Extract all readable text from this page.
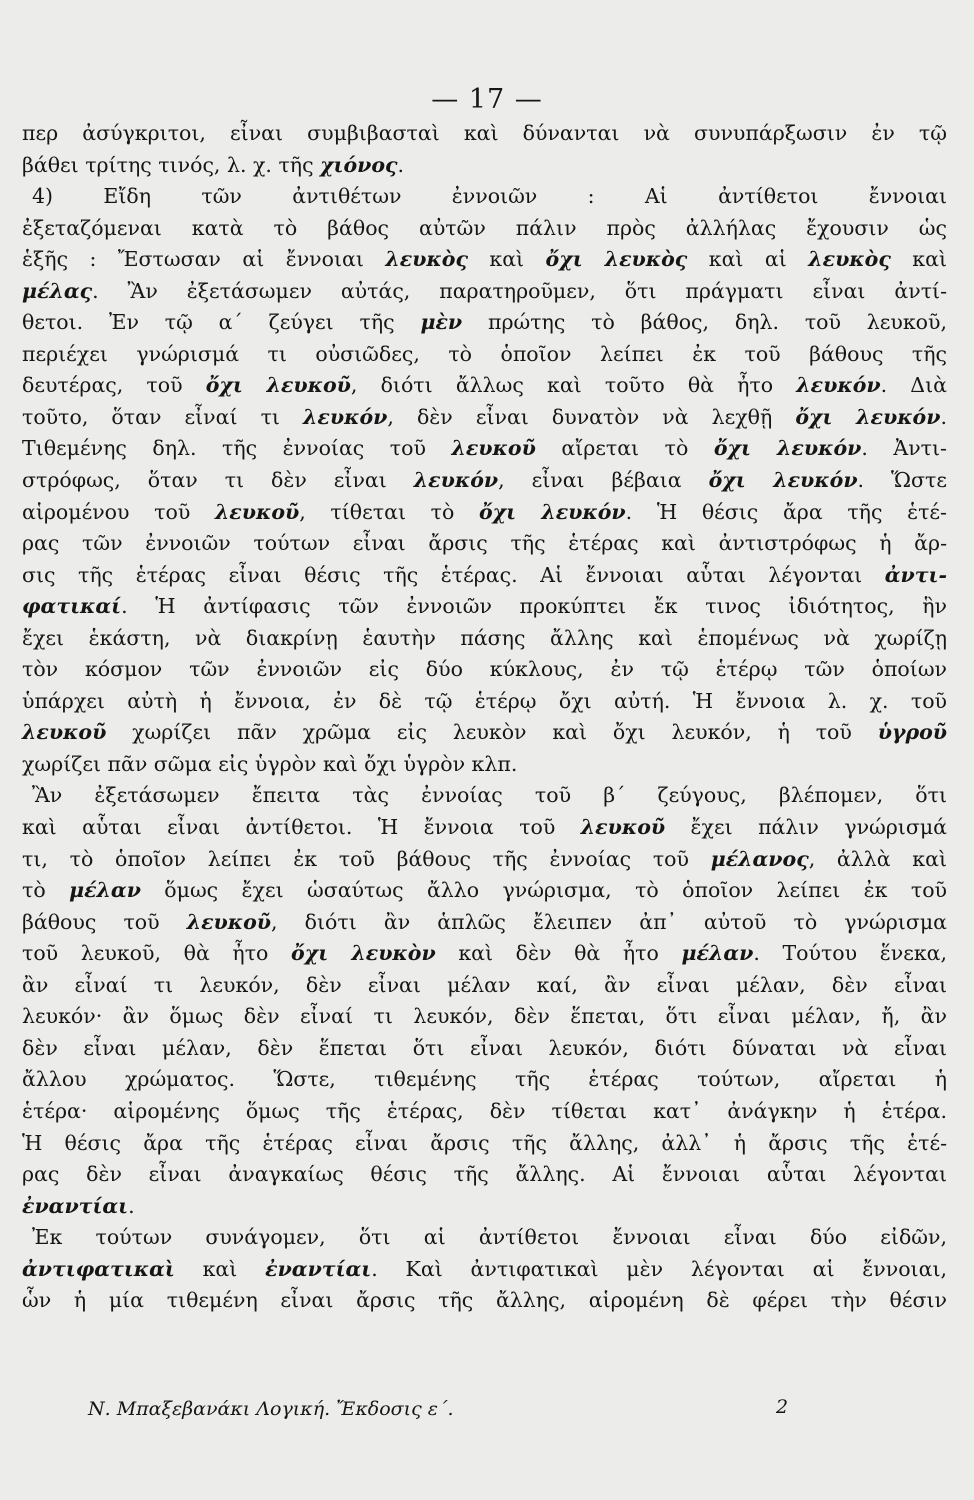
— 17 —
περ ἀσύγκριτοι, εἶναι συμβιβασταὶ καὶ δύνανται νὰ συνυπάρξωσιν ἐν τῷ
βάθει τρίτης τινός, λ. χ. τῆς χιόνος.
4) Εἴδη τῶν ἀντιθέτων ἐννοιῶν : Αἱ ἀντίθετοι ἔννοιαι
ἐξεταζόμεναι κατὰ τὸ βάθος αὐτῶν πάλιν πρὸς ἀλλήλας ἔχουσιν ὡς
ἑξῆς : Ἔστωσαν αἱ ἔννοιαι λευκὸς καὶ ὄχι λευκὸς καὶ αἱ λευκὸς καὶ
μέλας. Ἂν ἐξετάσωμεν αὐτάς, παρατηροῦμεν, ὅτι πράγματι εἶναι ἀντί-
θετοι. Ἐν τῷ α΄ ζεύγει τῆς μὲν πρώτης τὸ βάθος, δηλ. τοῦ λευκοῦ,
περιέχει γνώρισμά τι οὐσιῶδες, τὸ ὁποῖον λείπει ἐκ τοῦ βάθους τῆς
δευτέρας, τοῦ ὄχι λευκοῦ, διότι ἄλλως καὶ τοῦτο θὰ ἦτο λευκόν. Διὰ
τοῦτο, ὅταν εἶναί τι λευκόν, δὲν εἶναι δυνατὸν νὰ λεχθῇ ὄχι λευκόν.
Τιθεμένης δηλ. τῆς ἐννοίας τοῦ λευκοῦ αἴρεται τὸ ὄχι λευκόν. Ἀντι-
στρόφως, ὅταν τι δὲν εἶναι λευκόν, εἶναι βέβαια ὄχι λευκόν. Ὥστε
αἱρομένου τοῦ λευκοῦ, τίθεται τὸ ὄχι λευκόν. Ἡ θέσις ἄρα τῆς ἑτέ-
ρας τῶν ἐννοιῶν τούτων εἶναι ἄρσις τῆς ἑτέρας καὶ ἀντιστρόφως ἡ ἄρ-
σις τῆς ἑτέρας εἶναι θέσις τῆς ἑτέρας. Αἱ ἔννοιαι αὗται λέγονται ἀντι-
φατικαί. Ἡ ἀντίφασις τῶν ἐννοιῶν προκύπτει ἔκ τινος ἰδιότητος, ἣν
ἔχει ἑκάστη, νὰ διακρίνῃ ἑαυτὴν πάσης ἄλλης καὶ ἑπομένως νὰ χωρίζῃ
τὸν κόσμον τῶν ἐννοιῶν εἰς δύο κύκλους, ἐν τῷ ἑτέρῳ τῶν ὁποίων
ὑπάρχει αὐτὴ ἡ ἔννοια, ἐν δὲ τῷ ἑτέρῳ ὄχι αὐτή. Ἡ ἔννοια λ. χ. τοῦ
λευκοῦ χωρίζει πᾶν χρῶμα εἰς λευκὸν καὶ ὄχι λευκόν, ἡ τοῦ ὑγροῦ
χωρίζει πᾶν σῶμα εἰς ὑγρὸν καὶ ὄχι ὑγρὸν κλπ.
Ἂν ἐξετάσωμεν ἔπειτα τὰς ἐννοίας τοῦ β΄ ζεύγους, βλέπομεν, ὅτι
καὶ αὗται εἶναι ἀντίθετοι. Ἡ ἔννοια τοῦ λευκοῦ ἔχει πάλιν γνώρισμά
τι, τὸ ὁποῖον λείπει ἐκ τοῦ βάθους τῆς ἐννοίας τοῦ μέλανος, ἀλλὰ καὶ
τὸ μέλαν ὅμως ἔχει ὡσαύτως ἄλλο γνώρισμα, τὸ ὁποῖον λείπει ἐκ τοῦ
βάθους τοῦ λευκοῦ, διότι ἂν ἁπλῶς ἔλειπεν ἀπ᾿ αὐτοῦ τὸ γνώρισμα
τοῦ λευκοῦ, θὰ ἦτο ὄχι λευκὸν καὶ δὲν θὰ ἦτο μέλαν. Τούτου ἕνεκα,
ἂν εἶναί τι λευκόν, δὲν εἶναι μέλαν καί, ἂν εἶναι μέλαν, δὲν εἶναι
λευκόν· ἂν ὅμως δὲν εἶναί τι λευκόν, δὲν ἕπεται, ὅτι εἶναι μέλαν, ἤ, ἂν
δὲν εἶναι μέλαν, δὲν ἕπεται ὅτι εἶναι λευκόν, διότι δύναται νὰ εἶναι
ἄλλου χρώματος. Ὥστε, τιθεμένης τῆς ἑτέρας τούτων, αἴρεται ἡ
ἑτέρα· αἱρομένης ὅμως τῆς ἑτέρας, δὲν τίθεται κατ᾿ ἀνάγκην ἡ ἑτέρα.
Ἡ θέσις ἄρα τῆς ἑτέρας εἶναι ἄρσις τῆς ἄλλης, ἀλλ᾿ ἡ ἄρσις τῆς ἑτέ-
ρας δὲν εἶναι ἀναγκαίως θέσις τῆς ἄλλης. Αἱ ἔννοιαι αὗται λέγονται
ἐναντίαι.
Ἐκ τούτων συνάγομεν, ὅτι αἱ ἀντίθετοι ἔννοιαι εἶναι δύο εἰδῶν,
ἀντιφατικαὶ καὶ ἐναντίαι. Καὶ ἀντιφατικαὶ μὲν λέγονται αἱ ἔννοιαι,
ὧν ἡ μία τιθεμένη εἶναι ἄρσις τῆς ἄλλης, αἱρομένη δὲ φέρει τὴν θέσιν
Ν. Μπαξεβανάκι Λογική. Ἔκδοσις ε΄.	2
